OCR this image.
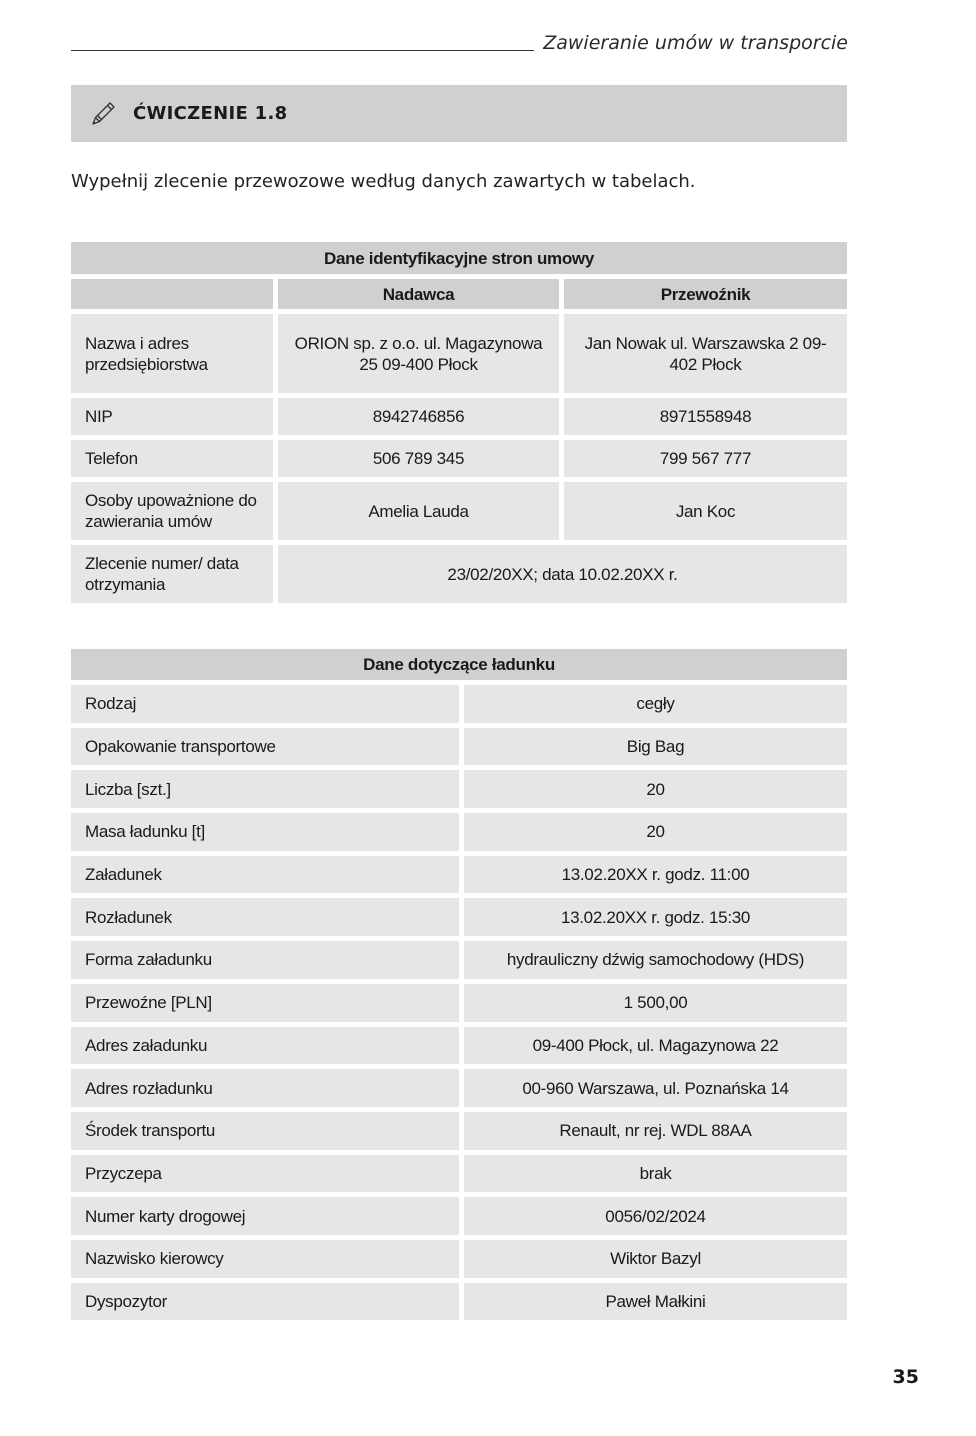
Zawieranie umów w transporcie
ĆWICZENIE 1.8
Wypełnij zlecenie przewozowe według danych zawartych w tabelach.
Dane identyfikacyjne stron umowy		
	Nadawca	Przewoźnik
Nazwa i adres przedsiębiorstwa	ORION sp. z o.o. ul. Magazynowa 25 09-400 Płock	Jan Nowak ul. Warszawska 2 09-402 Płock
NIP	8942746856	8971558948
Telefon	506 789 345	799 567 777
Osoby upoważnione do zawierania umów	Amelia Lauda	Jan Koc
Zlecenie numer/ data otrzymania	23/02/20XX; data 10.02.20XX r.	
Dane dotyczące ładunku	
Rodzaj	cegły
Opakowanie transportowe	Big Bag
Liczba [szt.]	20
Masa ładunku [t]	20
Załadunek	13.02.20XX r. godz. 11:00
Rozładunek	13.02.20XX r. godz. 15:30
Forma załadunku	hydrauliczny dźwig samochodowy (HDS)
Przewoźne [PLN]	1 500,00
Adres załadunku	09-400 Płock, ul. Magazynowa 22
Adres rozładunku	00-960 Warszawa, ul. Poznańska 14
Środek transportu	Renault, nr rej. WDL 88AA
Przyczepa	brak
Numer karty drogowej	0056/02/2024
Nazwisko kierowcy	Wiktor Bazyl
Dyspozytor	Paweł Małkini
35
